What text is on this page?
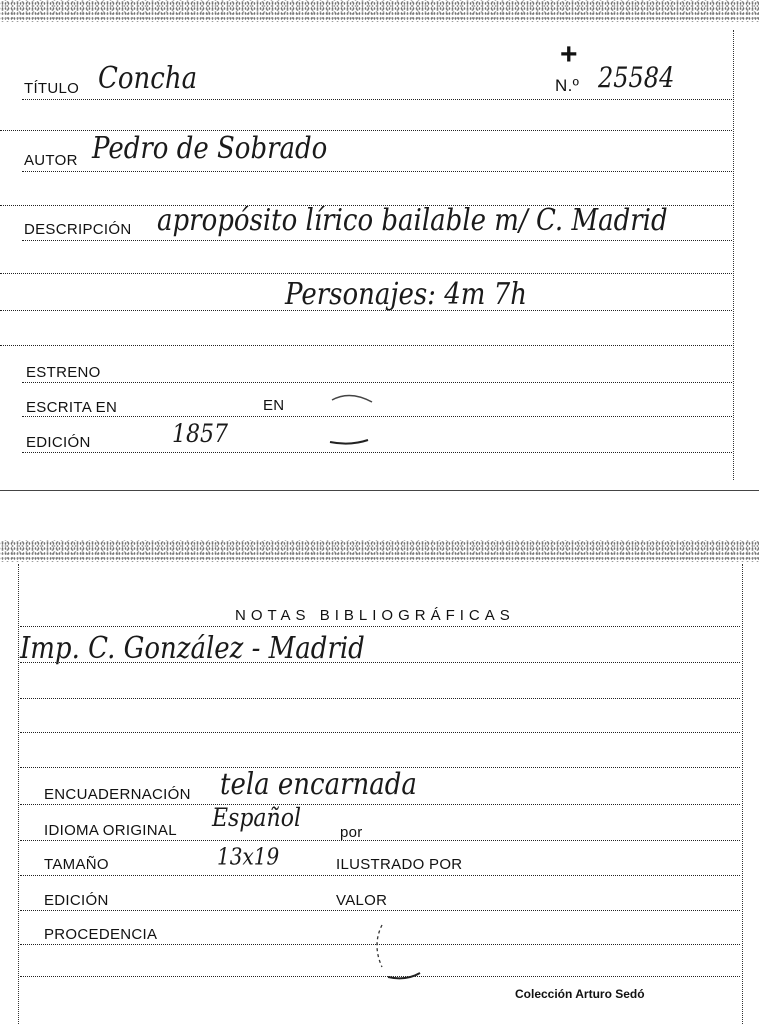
TÍTULO Concha
+
N.º 25584
AUTOR Pedro de Sobrado
DESCRIPCIÓN apropósito lírico bailable m/ C. Madrid
Personajes: 4m 7h
ESTRENO
ESCRITA EN	EN
EDICIÓN	1857
NOTAS BIBLIOGRÁFICAS
Imp. C. González - Madrid
ENCUADERNACIÓN tela encarnada
IDIOMA ORIGINAL Español	por
TAMAÑO	13x19	ILUSTRADO POR
EDICIÓN	VALOR
PROCEDENCIA
Colección Arturo Sedó
